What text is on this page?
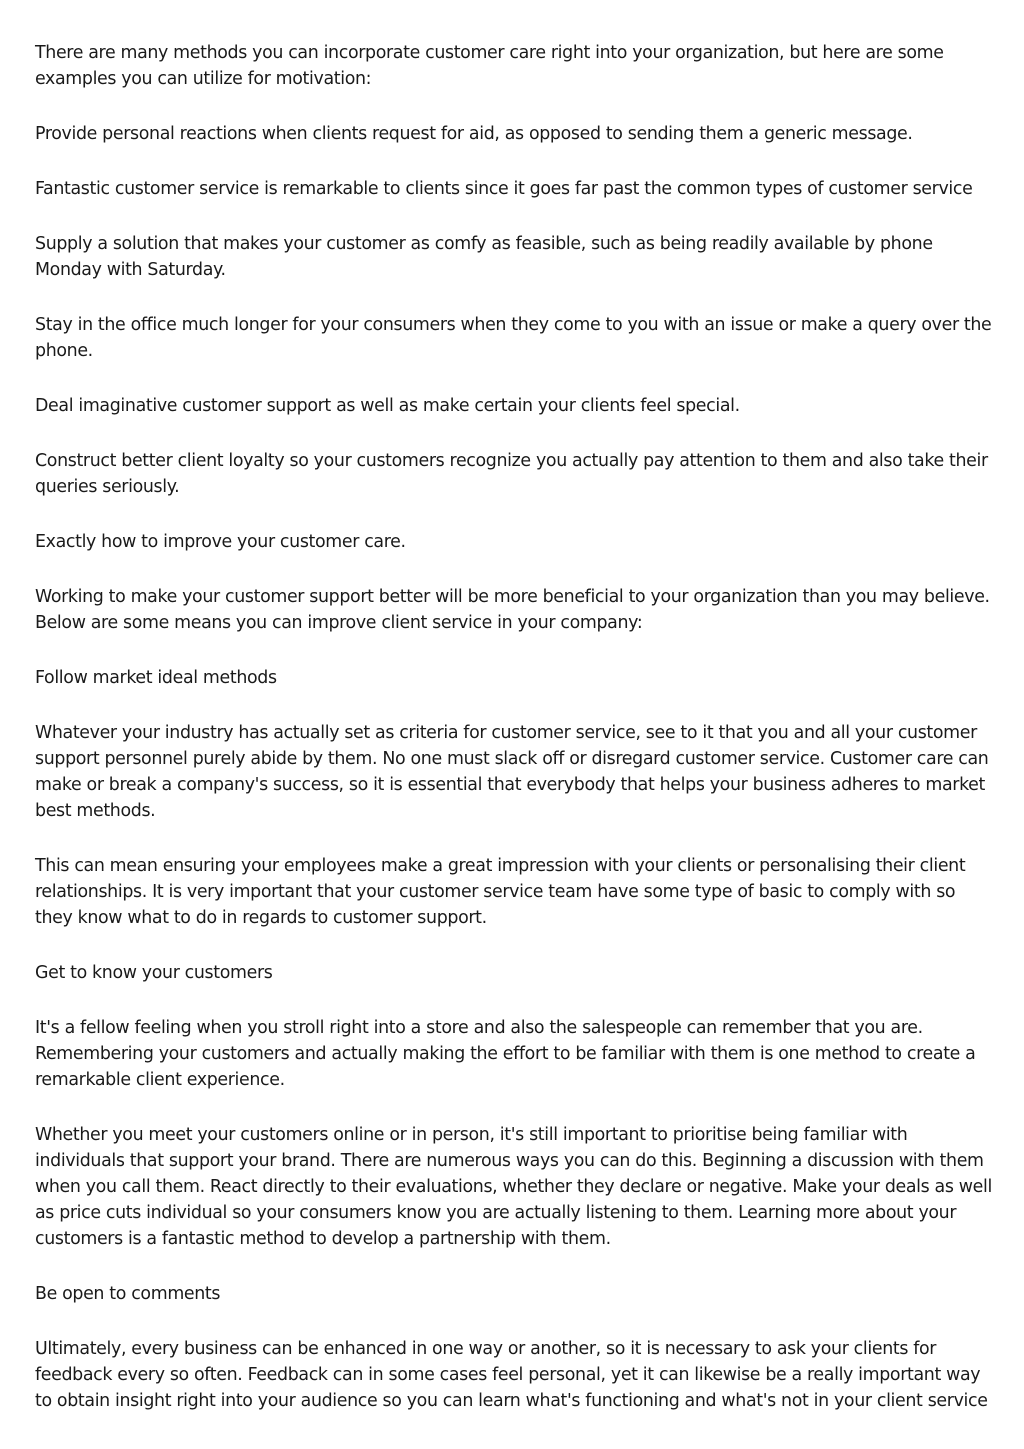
There are many methods you can incorporate customer care right into your organization, but here are some examples you can utilize for motivation:

Provide personal reactions when clients request for aid, as opposed to sending them a generic message.

Fantastic customer service is remarkable to clients since it goes far past the common types of customer service

Supply a solution that makes your customer as comfy as feasible, such as being readily available by phone Monday with Saturday.

Stay in the office much longer for your consumers when they come to you with an issue or make a query over the phone.

Deal imaginative customer support as well as make certain your clients feel special.

Construct better client loyalty so your customers recognize you actually pay attention to them and also take their queries seriously.

Exactly how to improve your customer care.

Working to make your customer support better will be more beneficial to your organization than you may believe. Below are some means you can improve client service in your company:

Follow market ideal methods

Whatever your industry has actually set as criteria for customer service, see to it that you and all your customer support personnel purely abide by them. No one must slack off or disregard customer service. Customer care can make or break a company's success, so it is essential that everybody that helps your business adheres to market best methods.

This can mean ensuring your employees make a great impression with your clients or personalising their client relationships. It is very important that your customer service team have some type of basic to comply with so they know what to do in regards to customer support.

Get to know your customers

It's a fellow feeling when you stroll right into a store and also the salespeople can remember that you are. Remembering your customers and actually making the effort to be familiar with them is one method to create a remarkable client experience.

Whether you meet your customers online or in person, it's still important to prioritise being familiar with individuals that support your brand. There are numerous ways you can do this. Beginning a discussion with them when you call them. React directly to their evaluations, whether they declare or negative. Make your deals as well as price cuts individual so your consumers know you are actually listening to them. Learning more about your customers is a fantastic method to develop a partnership with them.

Be open to comments

Ultimately, every business can be enhanced in one way or another, so it is necessary to ask your clients for feedback every so often. Feedback can in some cases feel personal, yet it can likewise be a really important way to obtain insight right into your audience so you can learn what's functioning and what's not in your client service
